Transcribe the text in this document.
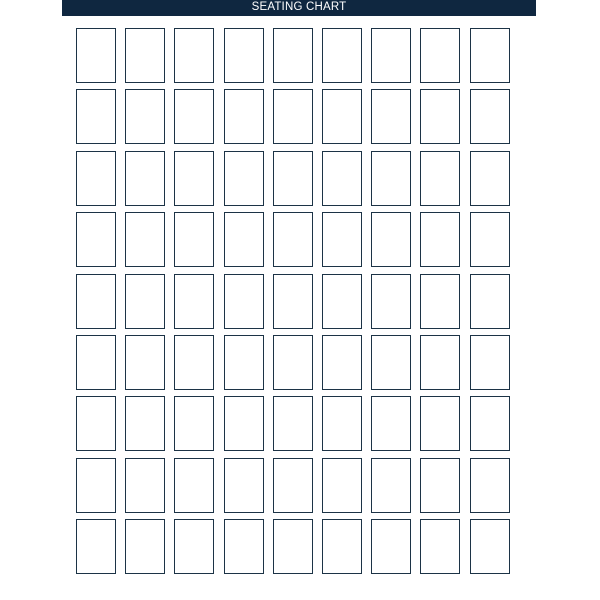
SEATING CHART
